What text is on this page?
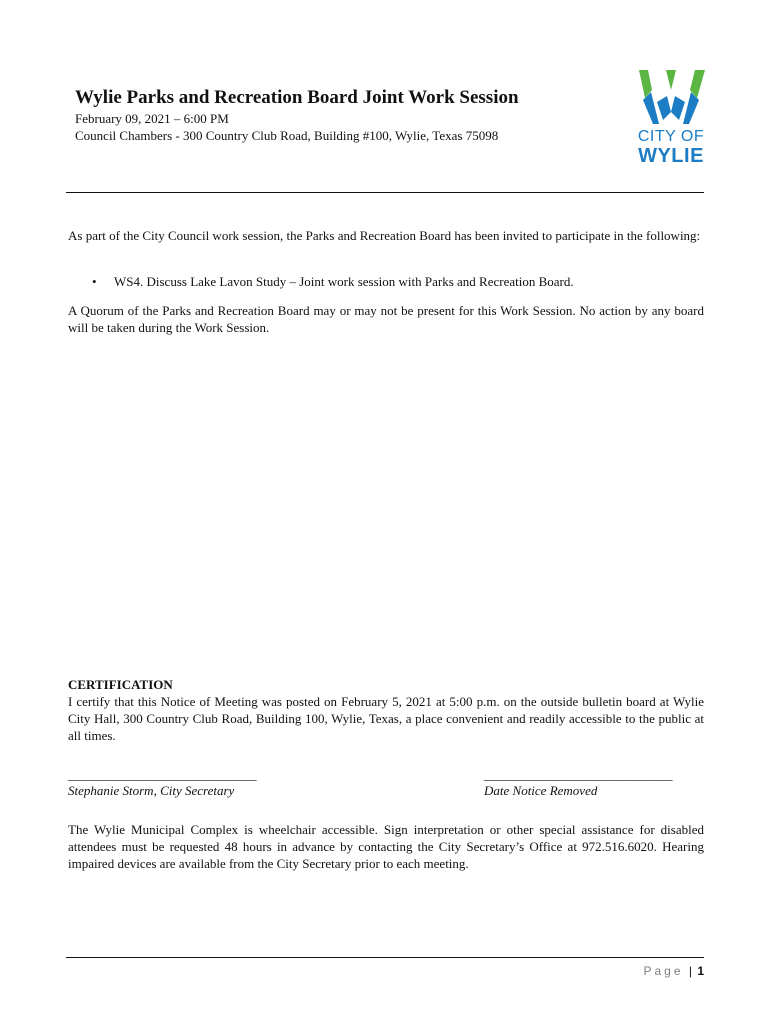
Wylie Parks and Recreation Board Joint Work Session
February 09, 2021 – 6:00 PM
Council Chambers - 300 Country Club Road, Building #100, Wylie, Texas 75098	CITY OF
WYLIE
As part of the City Council work session, the Parks and Recreation Board has been invited to participate in the following:
• WS4. Discuss Lake Lavon Study – Joint work session with Parks and Recreation Board.
A Quorum of the Parks and Recreation Board may or may not be present for this Work Session. No action by any board will be taken during the Work Session.
CERTIFICATION
I certify that this Notice of Meeting was posted on February 5, 2021 at 5:00 p.m. on the outside bulletin board at Wylie City Hall, 300 Country Club Road, Building 100, Wylie, Texas, a place convenient and readily accessible to the public at all times.
_____________________________
Stephanie Storm, City Secretary
_____________________________
Date Notice Removed
The Wylie Municipal Complex is wheelchair accessible. Sign interpretation or other special assistance for disabled attendees must be requested 48 hours in advance by contacting the City Secretary’s Office at 972.516.6020. Hearing impaired devices are available from the City Secretary prior to each meeting.
Page | 1
